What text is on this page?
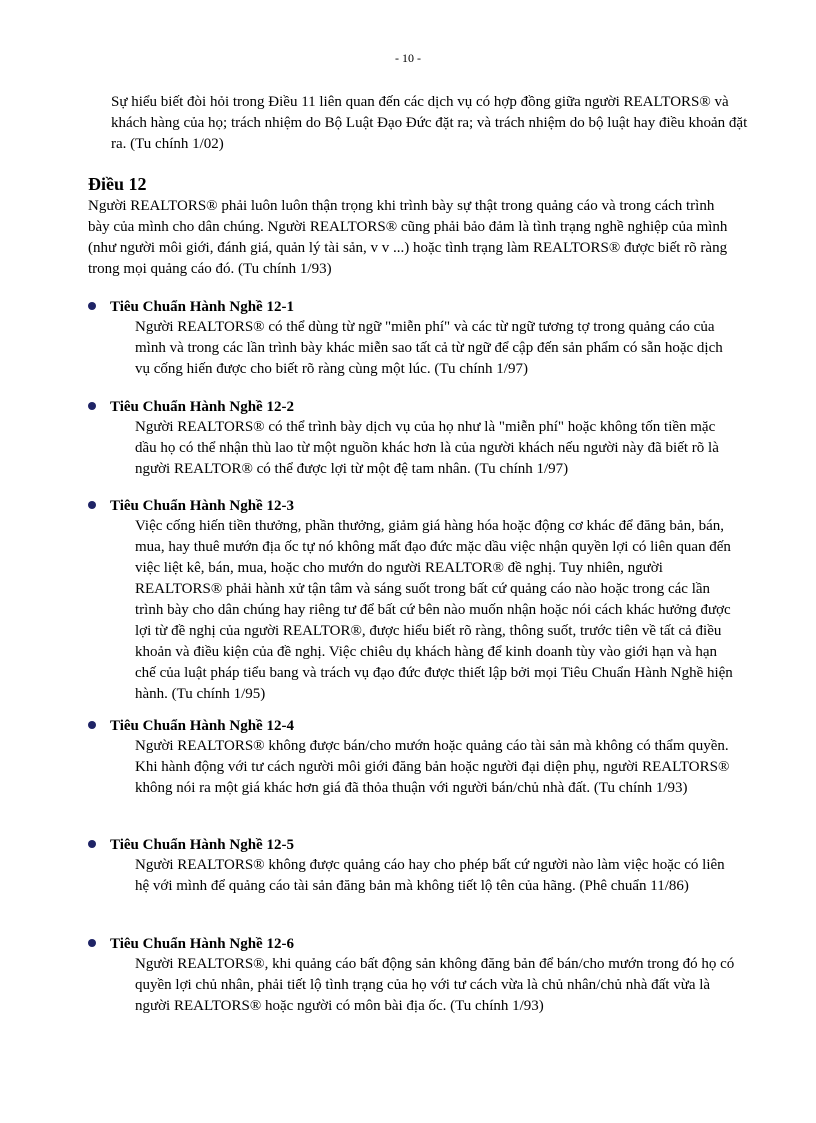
- 10 -
Sự hiểu biết đòi hỏi trong Điều 11 liên quan đến các dịch vụ có hợp đồng giữa người REALTORS® và khách hàng của họ; trách nhiệm do Bộ Luật Đạo Đức đặt ra; và trách nhiệm do bộ luật hay điều khoản đặt ra. (Tu chính 1/02)
Điều 12
Người REALTORS® phải luôn luôn thận trọng khi trình bày sự thật trong quảng cáo và trong cách trình bày của mình cho dân chúng. Người REALTORS® cũng phải bảo đảm là tình trạng nghề nghiệp của mình (như người môi giới, đánh giá, quản lý tài sản, v v ...) hoặc tình trạng làm REALTORS® được biết rõ ràng trong mọi quảng cáo đó. (Tu chính 1/93)
Tiêu Chuẩn Hành Nghề 12-1
Người REALTORS® có thể dùng từ ngữ "miễn phí" và các từ ngữ tương tợ trong quảng cáo của mình và trong các lần trình bày khác miễn sao tất cả từ ngữ để cập đến sản phẩm có sẵn hoặc dịch vụ cống hiến được cho biết rõ ràng cùng một lúc. (Tu chính 1/97)
Tiêu Chuẩn Hành Nghề 12-2
Người REALTORS® có thể trình bày dịch vụ của họ như là "miễn phí" hoặc không tốn tiền mặc dầu họ có thể nhận thù lao từ một nguồn khác hơn là của người khách nếu người này đã biết rõ là người REALTOR® có thể được lợi từ một đệ tam nhân. (Tu chính 1/97)
Tiêu Chuẩn Hành Nghề 12-3
Việc cống hiến tiền thưởng, phần thưởng, giảm giá hàng hóa hoặc động cơ khác để đăng bản, bán, mua, hay thuê mướn địa ốc tự nó không mất đạo đức mặc dầu việc nhận quyền lợi có liên quan đến việc liệt kê, bán, mua, hoặc cho mướn do người REALTOR® đề nghị. Tuy nhiên, người REALTORS® phải hành xử tận tâm và sáng suốt trong bất cứ quảng cáo nào hoặc trong các lần trình bày cho dân chúng hay riêng tư để bất cứ bên nào muốn nhận hoặc nói cách khác hưởng được lợi từ đề nghị của người REALTOR®, được hiểu biết rõ ràng, thông suốt, trước tiên về tất cả điều khoản và điều kiện của đề nghị. Việc chiêu dụ khách hàng để kinh doanh tùy vào giới hạn và hạn chế của luật pháp tiểu bang và trách vụ đạo đức được thiết lập bởi mọi Tiêu Chuẩn Hành Nghề hiện hành. (Tu chính 1/95)
Tiêu Chuẩn Hành Nghề 12-4
Người REALTORS® không được bán/cho mướn hoặc quảng cáo tài sản mà không có thẩm quyền. Khi hành động với tư cách người môi giới đăng bản hoặc người đại diện phụ, người REALTORS® không nói ra một giá khác hơn giá đã thỏa thuận với người bán/chủ nhà đất. (Tu chính 1/93)
Tiêu Chuẩn Hành Nghề 12-5
Người REALTORS® không được quảng cáo hay cho phép bất cứ người nào làm việc hoặc có liên hệ với mình để quảng cáo tài sản đăng bản mà không tiết lộ tên của hãng. (Phê chuẩn 11/86)
Tiêu Chuẩn Hành Nghề 12-6
Người REALTORS®, khi quảng cáo bất động sản không đăng bản để bán/cho mướn trong đó họ có quyền lợi chủ nhân, phải tiết lộ tình trạng của họ với tư cách vừa là chủ nhân/chủ nhà đất vừa là người REALTORS® hoặc người có môn bài địa ốc. (Tu chính 1/93)
